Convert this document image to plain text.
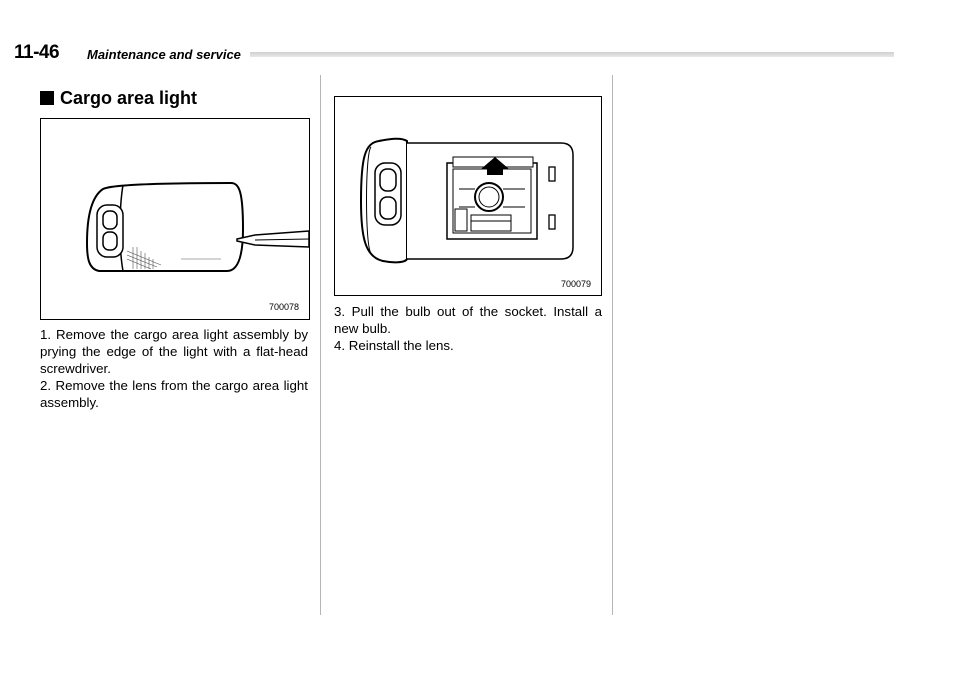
11-46 Maintenance and service
Cargo area light
700078
700079

1. Remove the cargo area light assembly by prying the edge of the light with a flat-head screwdriver.

2. Remove the lens from the cargo area light assembly.

3. Pull the bulb out of the socket. Install a new bulb.

4. Reinstall the lens.
